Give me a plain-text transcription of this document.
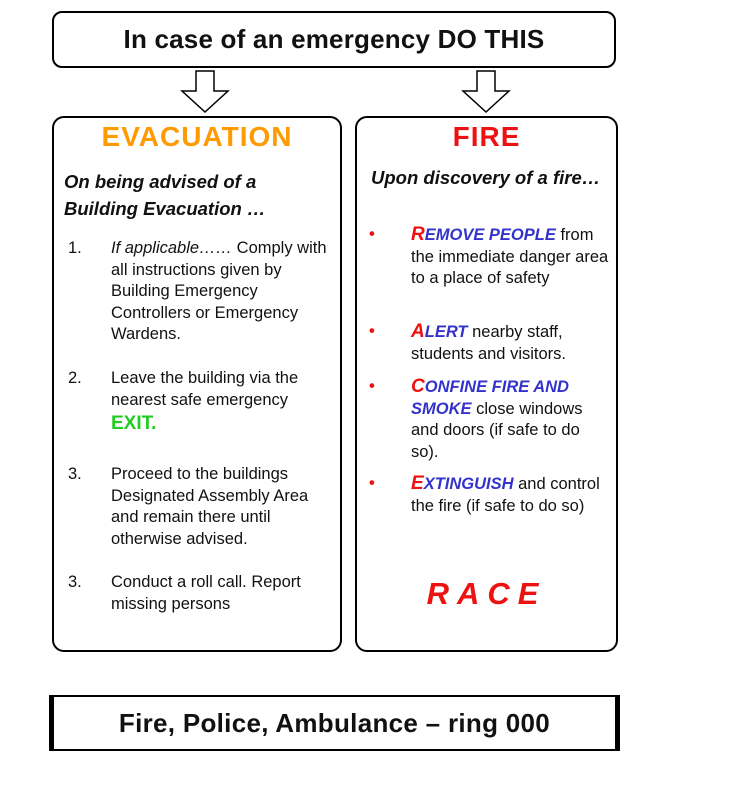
In case of an emergency DO THIS
EVACUATION
On being advised of a Building Evacuation …
1.	If applicable…… Comply with all instructions given by Building Emergency Controllers or Emergency Wardens.
2.	Leave the building via the nearest safe emergency
EXIT.
3.	Proceed to the buildings Designated Assembly Area and remain there until otherwise advised.
3.	Conduct a roll call. Report missing persons
FIRE
Upon discovery of a fire…
• REMOVE PEOPLE from the immediate danger area to a place of safety
• ALERT nearby staff, students and visitors.
• CONFINE FIRE AND SMOKE close windows and doors (if safe to do so).
• EXTINGUISH and control the fire (if safe to do so)
RACE
Fire, Police, Ambulance – ring 000
